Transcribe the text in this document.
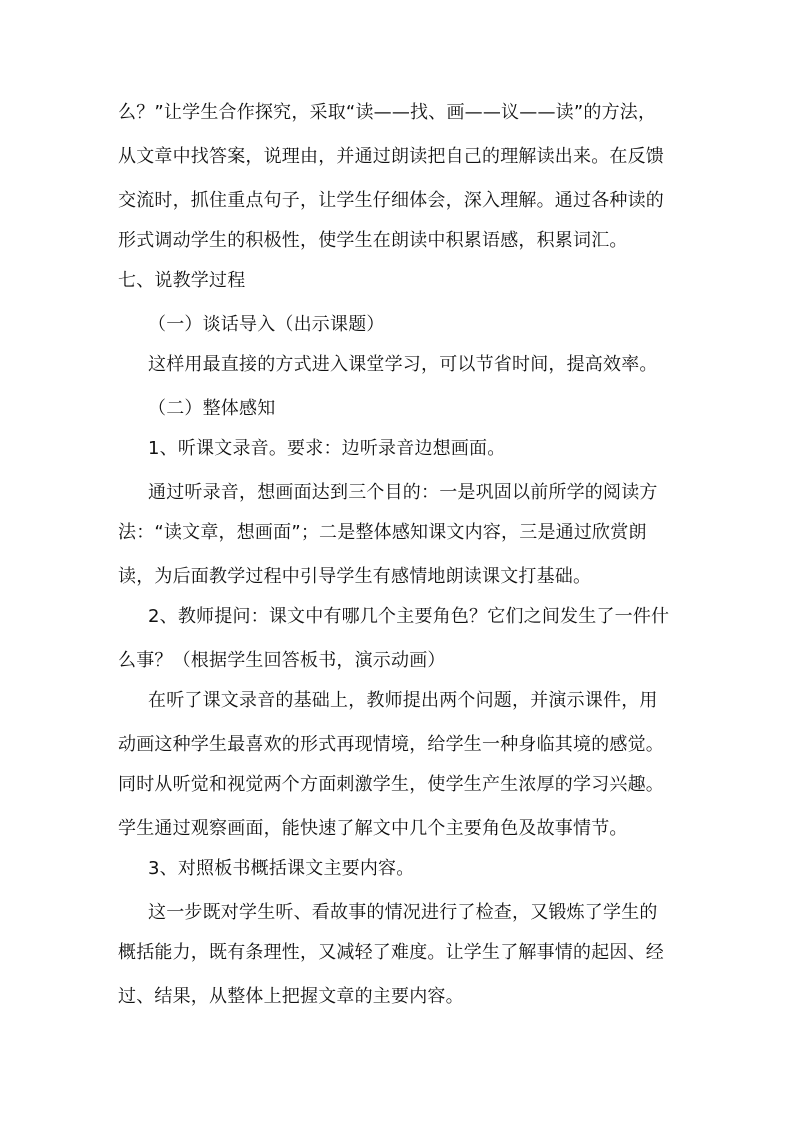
么？”让学生合作探究，采取“读——找、画——议——读”的方法，
从文章中找答案，说理由，并通过朗读把自己的理解读出来。在反馈
交流时，抓住重点句子，让学生仔细体会，深入理解。通过各种读的
形式调动学生的积极性，使学生在朗读中积累语感，积累词汇。
七、说教学过程
（一）谈话导入（出示课题）
这样用最直接的方式进入课堂学习，可以节省时间，提高效率。
（二）整体感知
1、听课文录音。要求：边听录音边想画面。
通过听录音，想画面达到三个目的：一是巩固以前所学的阅读方
法：“读文章，想画面”；二是整体感知课文内容，三是通过欣赏朗
读，为后面教学过程中引导学生有感情地朗读课文打基础。
2、教师提问：课文中有哪几个主要角色？它们之间发生了一件什
么事？（根据学生回答板书，演示动画）
在听了课文录音的基础上，教师提出两个问题，并演示课件，用
动画这种学生最喜欢的形式再现情境，给学生一种身临其境的感觉。
同时从听觉和视觉两个方面刺激学生，使学生产生浓厚的学习兴趣。
学生通过观察画面，能快速了解文中几个主要角色及故事情节。
3、对照板书概括课文主要内容。
这一步既对学生听、看故事的情况进行了检查，又锻炼了学生的
概括能力，既有条理性，又减轻了难度。让学生了解事情的起因、经
过、结果，从整体上把握文章的主要内容。
